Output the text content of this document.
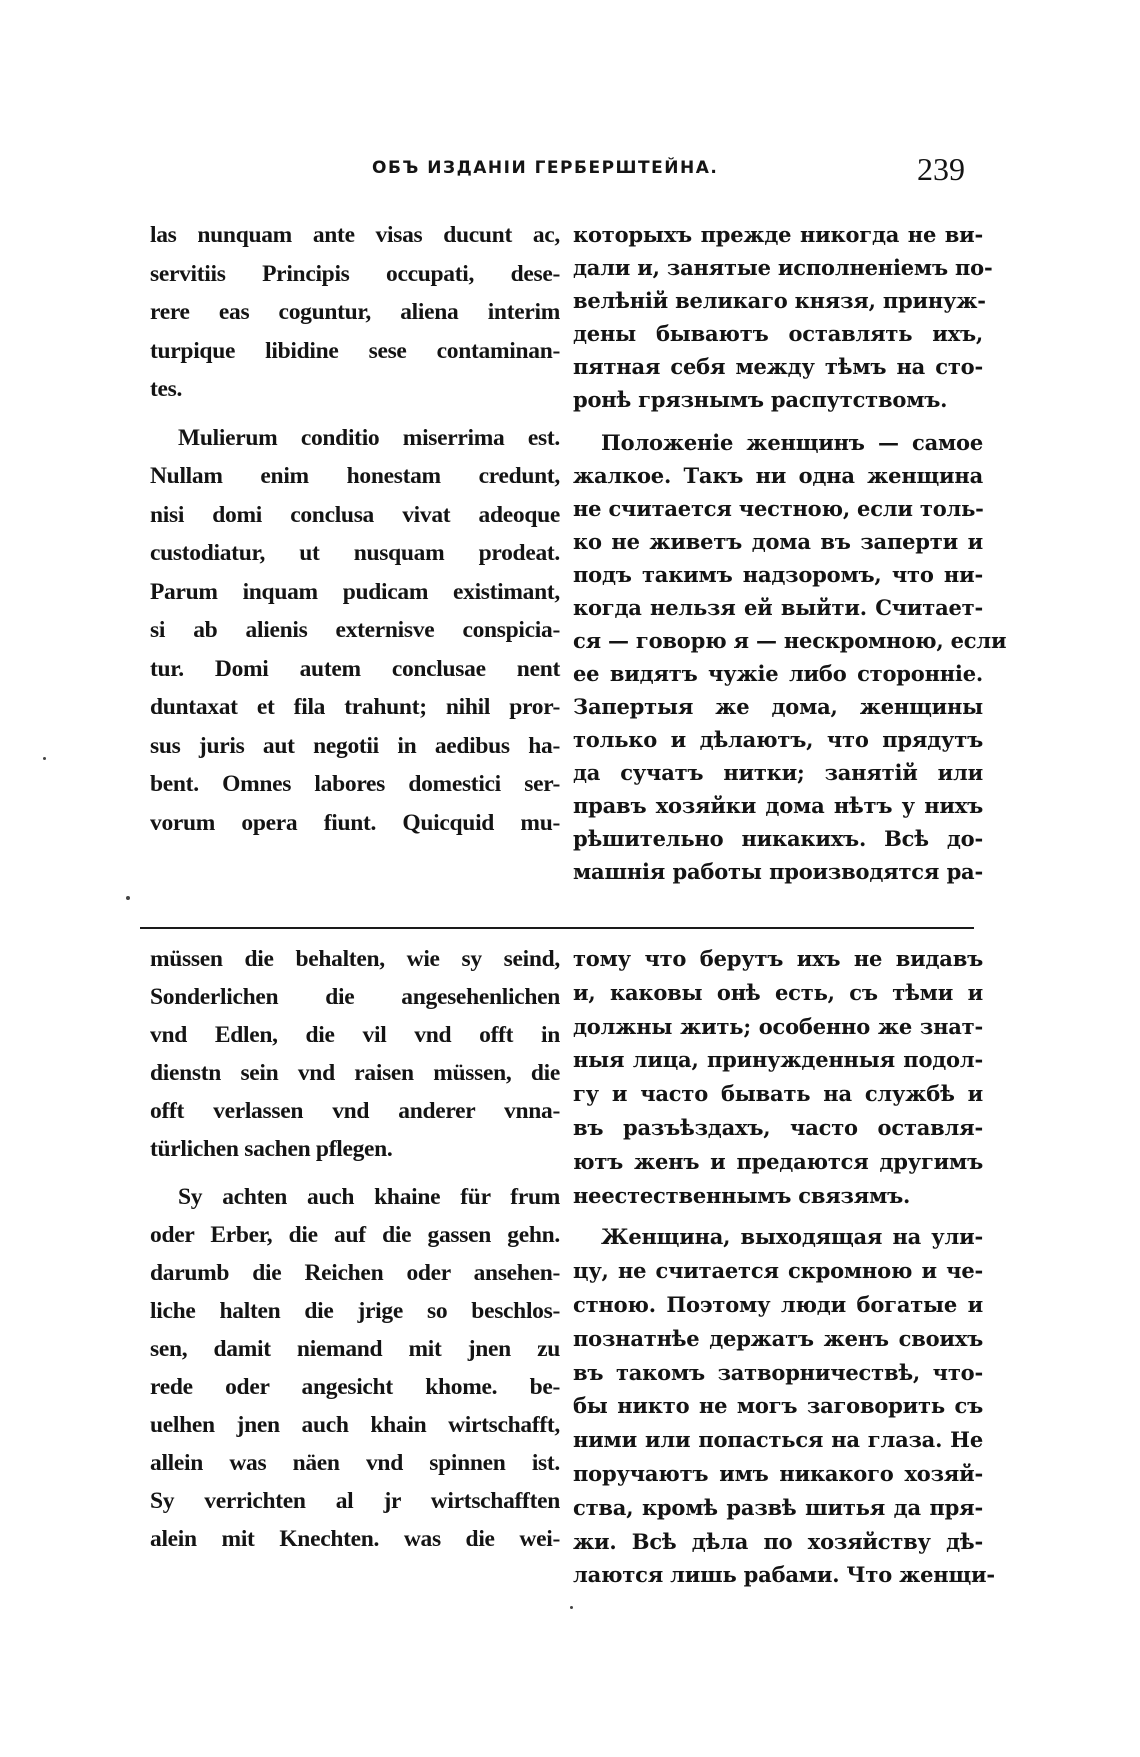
ОБЪ ИЗДАНІИ ГЕРБЕРШТЕЙНА.	239
las nunquam ante visas ducunt ac,
servitiis Principis occupati, dese-
rere eas coguntur, aliena interim
turpique libidine sese contaminan-
tes.
Mulierum conditio miserrima est.
Nullam enim honestam credunt,
nisi domi conclusa vivat adeoque
custodiatur, ut nusquam prodeat.
Parum inquam pudicam existimant,
si ab alienis externisve conspicia-
tur. Domi autem conclusae nent
duntaxat et fila trahunt; nihil pror-
sus juris aut negotii in aedibus ha-
bent. Omnes labores domestici ser-
vorum opera fiunt. Quicquid mu-
которыхъ прежде никогда не ви-
дали и, занятые исполненіемъ по-
велѣній великаго князя, принуж-
дены бываютъ оставлять ихъ,
пятная себя между тѣмъ на сто-
ронѣ грязнымъ распутствомъ.
Положеніе женщинъ — самое
жалкое. Такъ ни одна женщина
не считается честною, если толь-
ко не живетъ дома въ заперти и
подъ такимъ надзоромъ, что ни-
когда нельзя ей выйти. Считает-
ся — говорю я — нескромною, если
ее видятъ чужіе либо сторонніе.
Запертыя же дома, женщины
только и дѣлаютъ, что прядутъ
да сучатъ нитки; занятій или
правъ хозяйки дома нѣтъ у нихъ
рѣшительно никакихъ. Всѣ до-
машнія работы производятся ра-
müssen die behalten, wie sy seind,
Sonderlichen die angesehenlichen
vnd Edlen, die vil vnd offt in
dienstn sein vnd raisen müssen, die
offt verlassen vnd anderer vnna-
türlichen sachen pflegen.
Sy achten auch khaine für frum
oder Erber, die auf die gassen gehn.
darumb die Reichen oder ansehen-
liche halten die jrige so beschlos-
sen, damit niemand mit jnen zu
rede oder angesicht khome. be-
uelhen jnen auch khain wirtschafft,
allein was näen vnd spinnen ist.
Sy verrichten al jr wirtschafften
alein mit Knechten. was die wei-
тому что берутъ ихъ не видавъ
и, каковы онѣ есть, съ тѣми и
должны жить; особенно же знат-
ныя лица, принужденныя подол-
гу и часто бывать на службѣ и
въ разъѣздахъ, часто оставля-
ютъ женъ и предаются другимъ
неестественнымъ связямъ.
Женщина, выходящая на ули-
цу, не считается скромною и че-
стною. Поэтому люди богатые и
познатнѣе держатъ женъ своихъ
въ такомъ затворничествѣ, что-
бы никто не могъ заговорить съ
ними или попасться на глаза. Не
поручаютъ имъ никакого хозяй-
ства, кромѣ развѣ шитья да пря-
жи. Всѣ дѣла по хозяйству дѣ-
лаются лишь рабами. Что женщи-
